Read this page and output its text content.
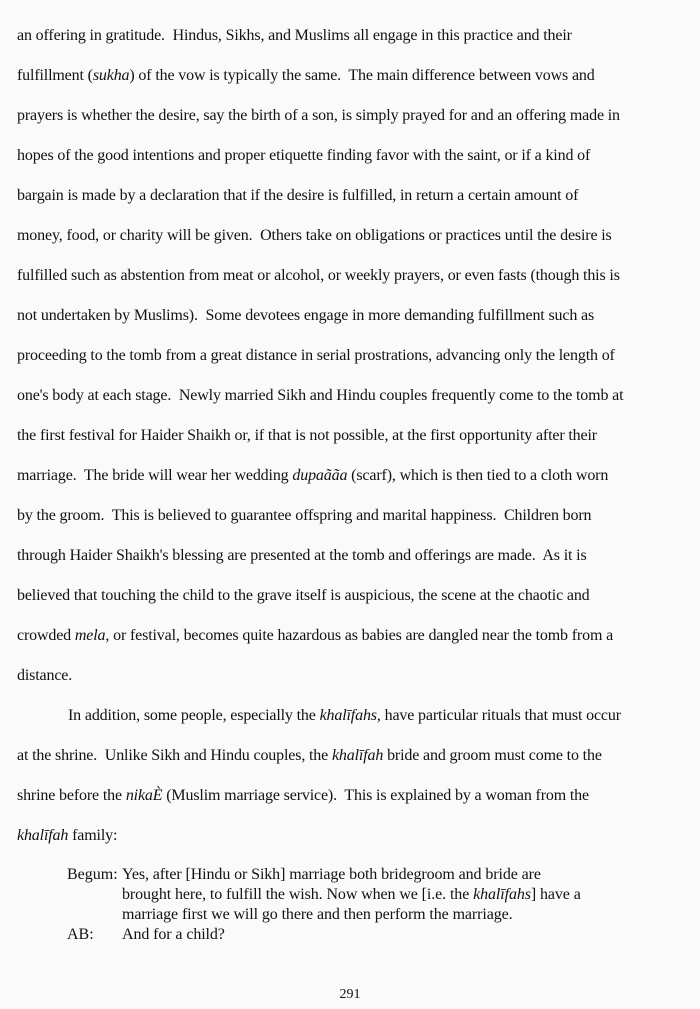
an offering in gratitude.  Hindus, Sikhs, and Muslims all engage in this practice and their
fulfillment (sukha) of the vow is typically the same.  The main difference between vows and
prayers is whether the desire, say the birth of a son, is simply prayed for and an offering made in
hopes of the good intentions and proper etiquette finding favor with the saint, or if a kind of
bargain is made by a declaration that if the desire is fulfilled, in return a certain amount of
money, food, or charity will be given.  Others take on obligations or practices until the desire is
fulfilled such as abstention from meat or alcohol, or weekly prayers, or even fasts (though this is
not undertaken by Muslims).  Some devotees engage in more demanding fulfillment such as
proceeding to the tomb from a great distance in serial prostrations, advancing only the length of
one's body at each stage.  Newly married Sikh and Hindu couples frequently come to the tomb at
the first festival for Haider Shaikh or, if that is not possible, at the first opportunity after their
marriage.  The bride will wear her wedding dupaããa (scarf), which is then tied to a cloth worn
by the groom.  This is believed to guarantee offspring and marital happiness.  Children born
through Haider Shaikh's blessing are presented at the tomb and offerings are made.  As it is
believed that touching the child to the grave itself is auspicious, the scene at the chaotic and
crowded mela, or festival, becomes quite hazardous as babies are dangled near the tomb from a
distance.
In addition, some people, especially the khalīfahs, have particular rituals that must occur
at the shrine.  Unlike Sikh and Hindu couples, the khalīfah bride and groom must come to the
shrine before the nikaÈ (Muslim marriage service).  This is explained by a woman from the
khalīfah family:
Begum: Yes, after [Hindu or Sikh] marriage both bridegroom and bride are
brought here, to fulfill the wish. Now when we [i.e. the khalīfahs] have a
marriage first we will go there and then perform the marriage.
AB:	And for a child?
291
